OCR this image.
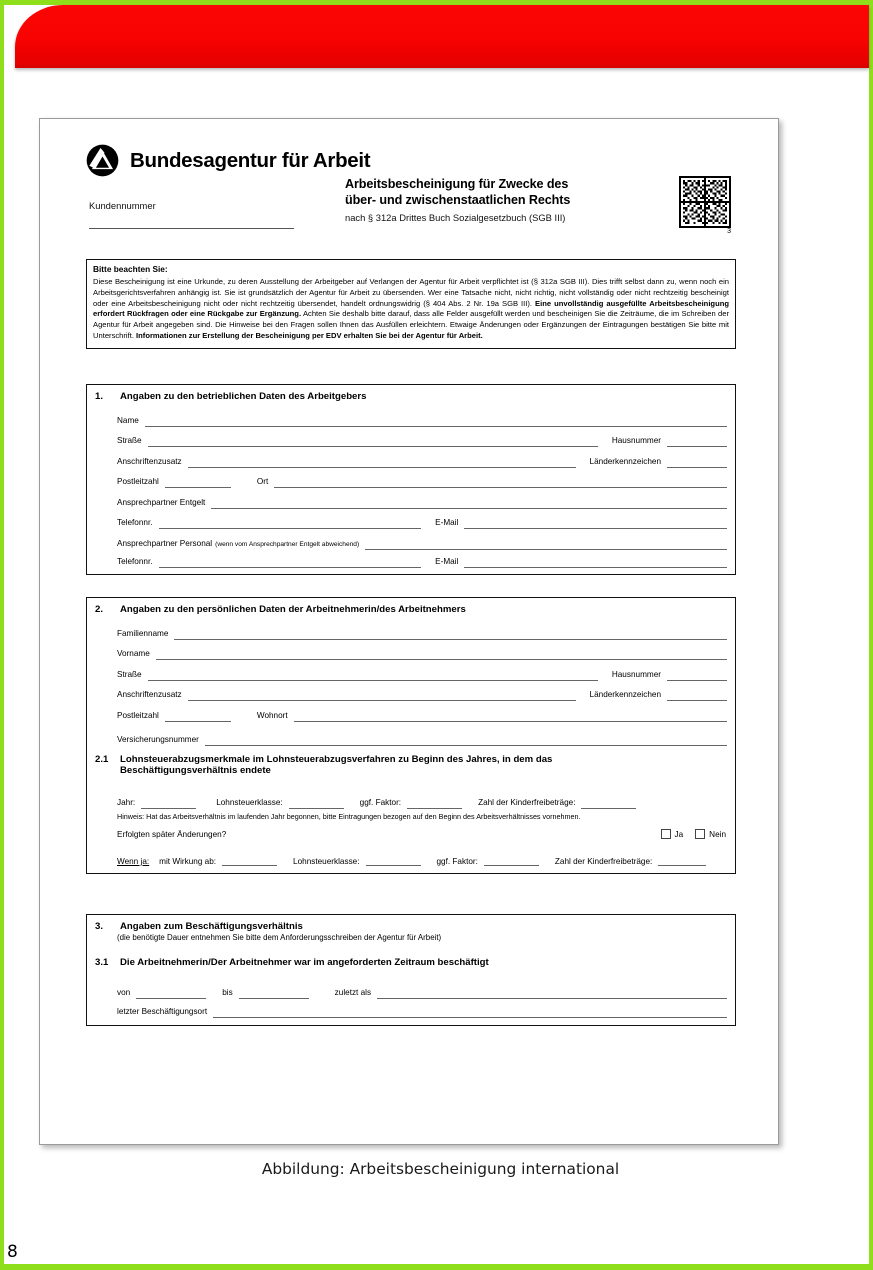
Bundesagentur für Arbeit
Kundennummer
Arbeitsbescheinigung für Zwecke des
über- und zwischenstaatlichen Rechts
nach § 312a Drittes Buch Sozialgesetzbuch (SGB III)
3
Bitte beachten Sie:
Diese Bescheinigung ist eine Urkunde, zu deren Ausstellung der Arbeitgeber auf Verlangen der Agentur für Arbeit verpflichtet ist (§ 312a SGB III). Dies trifft selbst dann zu, wenn noch ein Arbeitsgerichtsverfahren anhängig ist. Sie ist grundsätzlich der Agentur für Arbeit zu übersenden. Wer eine Tatsache nicht, nicht richtig, nicht vollständig oder nicht rechtzeitig bescheinigt oder eine Arbeitsbescheinigung nicht oder nicht rechtzeitig übersendet, handelt ordnungswidrig (§ 404 Abs. 2 Nr. 19a SGB III). Eine unvollständig ausgefüllte Arbeitsbescheinigung erfordert Rückfragen oder eine Rückgabe zur Ergänzung. Achten Sie deshalb bitte darauf, dass alle Felder ausgefüllt werden und bescheinigen Sie die Zeiträume, die im Schreiben der Agentur für Arbeit angegeben sind. Die Hinweise bei den Fragen sollen Ihnen das Ausfüllen erleichtern. Etwaige Änderungen oder Ergänzungen der Eintragungen bestätigen Sie bitte mit Unterschrift. Informationen zur Erstellung der Bescheinigung per EDV erhalten Sie bei der Agentur für Arbeit.
1.	Angaben zu den betrieblichen Daten des Arbeitgebers
Name
Straße	Hausnummer
Anschriftenzusatz	Länderkennzeichen
Postleitzahl	Ort
Ansprechpartner Entgelt
Telefonnr.	E-Mail
Ansprechpartner Personal (wenn vom Ansprechpartner Entgelt abweichend)
Telefonnr.	E-Mail
2.	Angaben zu den persönlichen Daten der Arbeitnehmerin/des Arbeitnehmers
Familienname
Vorname
Straße	Hausnummer
Anschriftenzusatz	Länderkennzeichen
Postleitzahl	Wohnort
Versicherungsnummer
2.1 Lohnsteuerabzugsmerkmale im Lohnsteuerabzugsverfahren zu Beginn des Jahres, in dem das
Beschäftigungsverhältnis endete
Jahr:	Lohnsteuerklasse:	ggf. Faktor:	Zahl der Kinderfreibeträge:
Hinweis: Hat das Arbeitsverhältnis im laufenden Jahr begonnen, bitte Eintragungen bezogen auf den Beginn des Arbeitsverhältnisses vornehmen.
Erfolgten später Änderungen?	Ja	Nein
Wenn ja: mit Wirkung ab:	Lohnsteuerklasse:	ggf. Faktor:	Zahl der Kinderfreibeträge:
3.	Angaben zum Beschäftigungsverhältnis
(die benötigte Dauer entnehmen Sie bitte dem Anforderungsschreiben der Agentur für Arbeit)
3.1 Die Arbeitnehmerin/Der Arbeitnehmer war im angeforderten Zeitraum beschäftigt
von	bis	zuletzt als
letzter Beschäftigungsort
Abbildung: Arbeitsbescheinigung international
8
